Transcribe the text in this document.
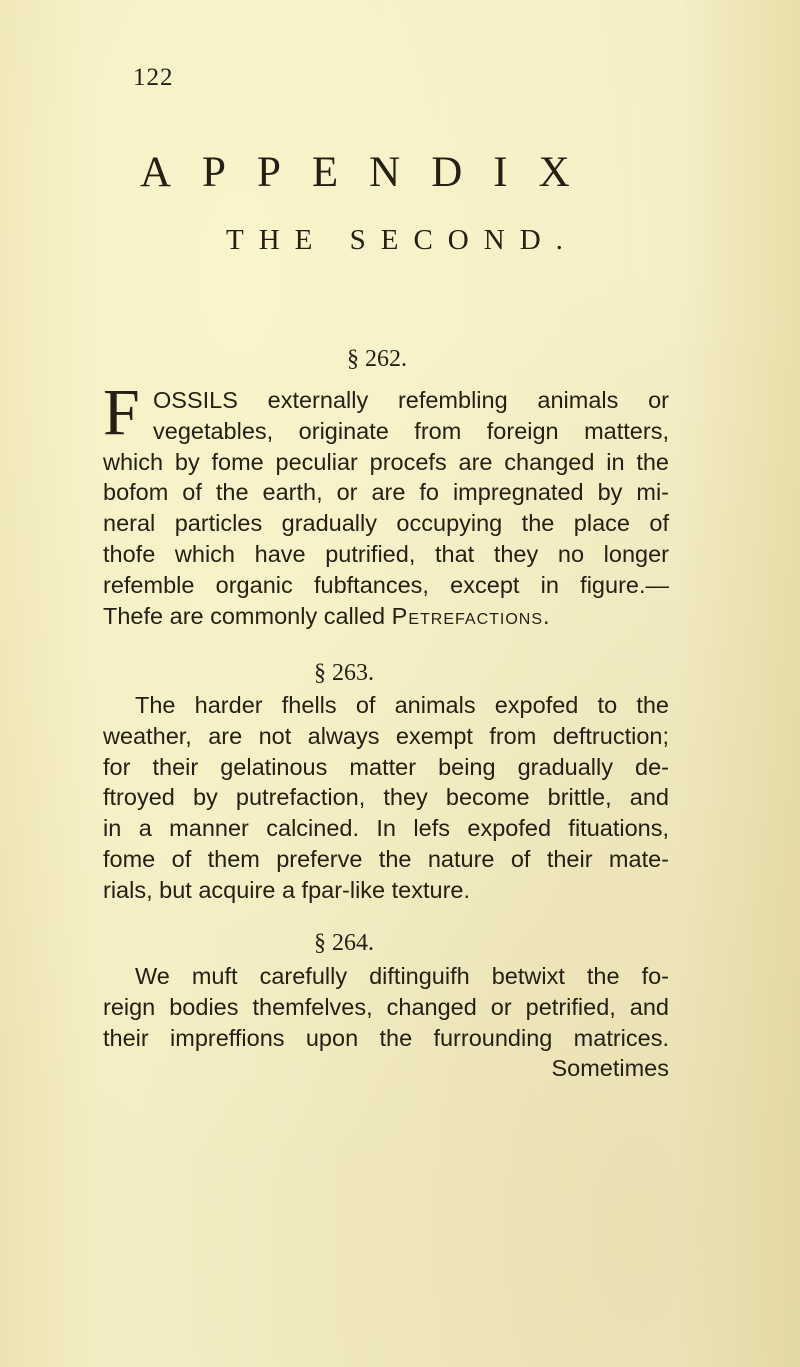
122
APPENDIX
THE SECOND.
§ 262.
F OSSILS externally refembling animals or
vegetables, originate from foreign matters,
which by fome peculiar procefs are changed in the
bofom of the earth, or are fo impregnated by mi-
neral particles gradually occupying the place of
thofe which have putrified, that they no longer
refemble organic fubftances, except in figure.—
Thefe are commonly called Petrefactions.
§ 263.
The harder fhells of animals expofed to the
weather, are not always exempt from deftruction;
for their gelatinous matter being gradually de-
ftroyed by putrefaction, they become brittle, and
in a manner calcined. In lefs expofed fituations,
fome of them preferve the nature of their mate-
rials, but acquire a fpar-like texture.
§ 264.
We muft carefully diftinguifh betwixt the fo-
reign bodies themfelves, changed or petrified, and
their impreffions upon the furrounding matrices.
Sometimes
